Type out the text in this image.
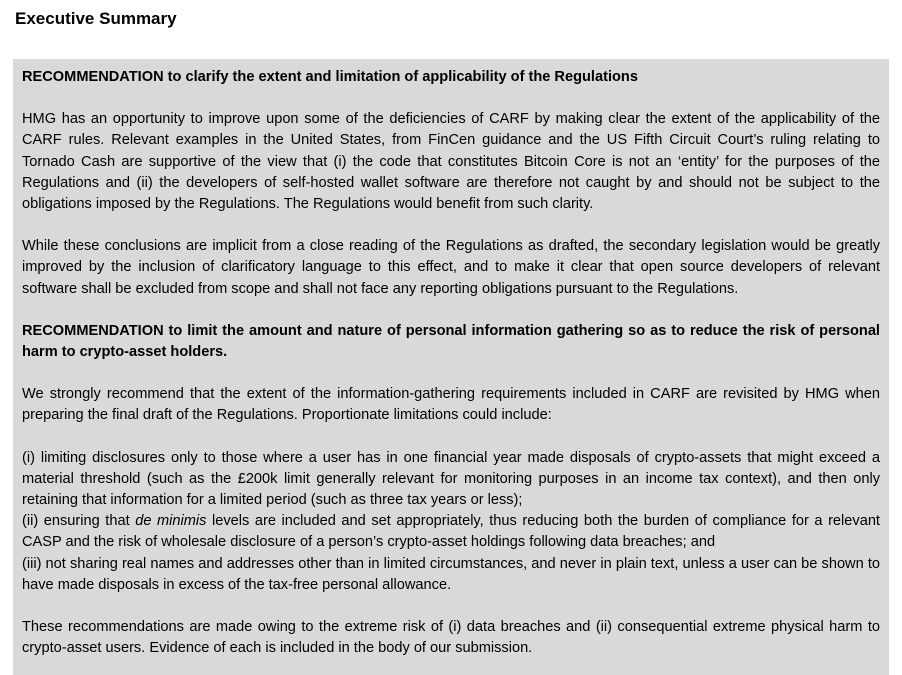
Executive Summary

RECOMMENDATION to clarify the extent and limitation of applicability of the Regulations

HMG has an opportunity to improve upon some of the deficiencies of CARF by making clear the extent of the applicability of the CARF rules. Relevant examples in the United States, from FinCen guidance and the US Fifth Circuit Court’s ruling relating to Tornado Cash are supportive of the view that (i) the code that constitutes Bitcoin Core is not an ‘entity’ for the purposes of the Regulations and (ii) the developers of self-hosted wallet software are therefore not caught by and should not be subject to the obligations imposed by the Regulations. The Regulations would benefit from such clarity.

While these conclusions are implicit from a close reading of the Regulations as drafted, the secondary legislation would be greatly improved by the inclusion of clarificatory language to this effect, and to make it clear that open source developers of relevant software shall be excluded from scope and shall not face any reporting obligations pursuant to the Regulations.

RECOMMENDATION to limit the amount and nature of personal information gathering so as to reduce the risk of personal harm to crypto-asset holders.

We strongly recommend that the extent of the information-gathering requirements included in CARF are revisited by HMG when preparing the final draft of the Regulations. Proportionate limitations could include:

(i) limiting disclosures only to those where a user has in one financial year made disposals of crypto-assets that might exceed a material threshold (such as the £200k limit generally relevant for monitoring purposes in an income tax context), and then only retaining that information for a limited period (such as three tax years or less);

(ii) ensuring that de minimis levels are included and set appropriately, thus reducing both the burden of compliance for a relevant CASP and the risk of wholesale disclosure of a person’s crypto-asset holdings following data breaches; and

(iii) not sharing real names and addresses other than in limited circumstances, and never in plain text, unless a user can be shown to have made disposals in excess of the tax-free personal allowance.

These recommendations are made owing to the extreme risk of (i) data breaches and (ii) consequential extreme physical harm to crypto-asset users. Evidence of each is included in the body of our submission.
